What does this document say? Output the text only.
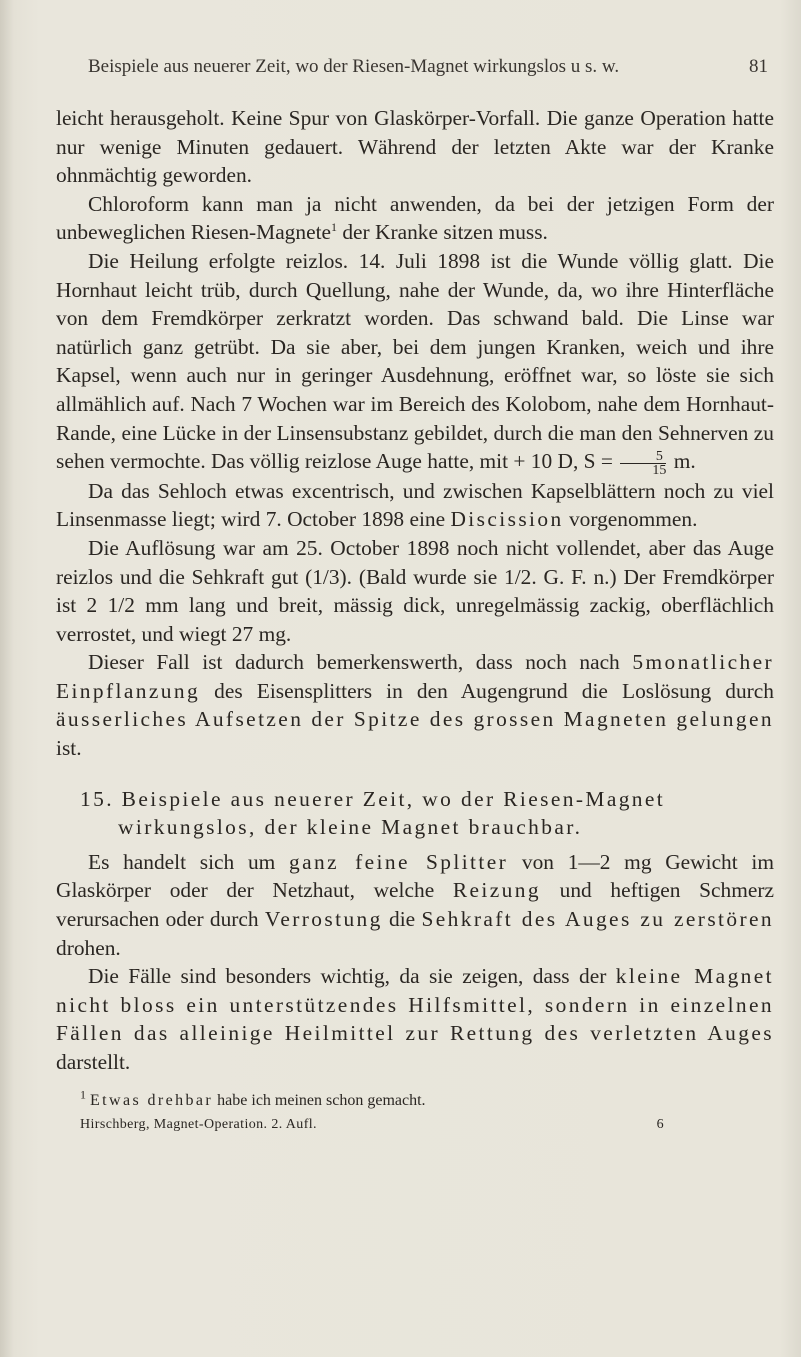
Beispiele aus neuerer Zeit, wo der Riesen-Magnet wirkungslos u s. w.	81

leicht herausgeholt. Keine Spur von Glaskörper-Vorfall. Die ganze Operation hatte nur wenige Minuten gedauert. Während der letzten Akte war der Kranke ohnmächtig geworden.

Chloroform kann man ja nicht anwenden, da bei der jetzigen Form der unbeweglichen Riesen-Magnete$^1$ der Kranke sitzen muss.

Die Heilung erfolgte reizlos. 14. Juli 1898 ist die Wunde völlig glatt. Die Hornhaut leicht trüb, durch Quellung, nahe der Wunde, da, wo ihre Hinterfläche von dem Fremdkörper zerkratzt worden. Das schwand bald. Die Linse war natürlich ganz getrübt. Da sie aber, bei dem jungen Kranken, weich und ihre Kapsel, wenn auch nur in geringer Ausdehnung, eröffnet war, so löste sie sich allmählich auf. Nach 7 Wochen war im Bereich des Kolobom, nahe dem Hornhaut-Rande, eine Lücke in der Linsensubstanz gebildet, durch die man den Sehnerven zu sehen vermochte. Das völlig reizlose Auge hatte, mit + 10 D, $S = \frac{5}{15} m$.

Da das Sehloch etwas excentrisch, und zwischen Kapselblättern noch zu viel Linsenmasse liegt; wird 7. October 1898 eine Discission vorgenommen.

Die Auflösung war am 25. October 1898 noch nicht vollendet, aber das Auge reizlos und die Sehkraft gut (1/3). (Bald wurde sie 1/2. G. F. n.) Der Fremdkörper ist 2 1/2 mm lang und breit, mässig dick, unregelmässig zackig, oberflächlich verrostet, und wiegt 27 mg.

Dieser Fall ist dadurch bemerkenswerth, dass noch nach 5monatlicher Einpflanzung des Eisensplitters in den Augengrund die Loslösung durch äusserliches Aufsetzen der Spitze des grossen Magneten gelungen ist.

15. Beispiele aus neuerer Zeit, wo der Riesen-Magnet
wirkungslos, der kleine Magnet brauchbar.

Es handelt sich um ganz feine Splitter von 1—2 mg Gewicht im Glaskörper oder der Netzhaut, welche Reizung und heftigen Schmerz verursachen oder durch Verrostung die Sehkraft des Auges zu zerstören drohen.

Die Fälle sind besonders wichtig, da sie zeigen, dass der kleine Magnet nicht bloss ein unterstützendes Hilfsmittel, sondern in einzelnen Fällen das alleinige Heilmittel zur Rettung des verletzten Auges darstellt.

$^1$ Etwas drehbar habe ich meinen schon gemacht.
Hirschberg, Magnet-Operation. 2. Aufl.	6
